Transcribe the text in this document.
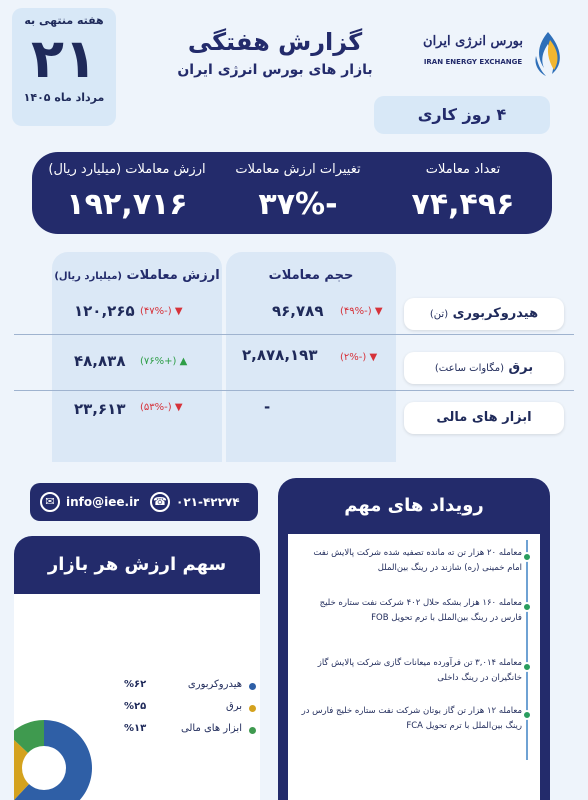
هفته منتهی به
۲۱
مرداد ماه ۱۴۰۵
گزارش هفتگی
بازار های بورس انرژی ایران
بورس انرژی ایران
IRAN ENERGY EXCHANGE
۴ روز کاری
تعداد معاملات
۷۴,۴۹۶
تغییرات ارزش معاملات
-۳۷%
ارزش معاملات (میلیارد ریال)
۱۹۲,۷۱۶
حجم معاملات
ارزش معاملات (میلیارد ریال)
هیدروکربوری (تن)
۹۶,۷۸۹	▼ (-۴۹%)
۱۲۰,۲۶۵	▼ (-۴۷%)
برق (مگاوات ساعت)
۲,۸۷۸,۱۹۳	▼ (-۲%)
۴۸,۸۳۸	▲ (+۷۶%)
ابزار های مالی
-
۲۳,۶۱۳	▼ (-۵۳%)
✉ info@iee.ir ☎ ۰۲۱-۴۲۲۷۴
سهم ارزش هر بازار
هیدروکربوری
%۶۲
برق
%۲۵
ابزار های مالی
%۱۳
رویداد های مهم
معامله ۲۰ هزار تن ته مانده تصفیه شده شرکت پالایش نفت امام خمینی (ره) شازند در رینگ بین‌الملل
معامله ۱۶۰ هزار بشکه حلال ۴۰۲ شرکت نفت ستاره خلیج فارس در رینگ بین‌الملل با ترم تحویل FOB
معامله ۳,۰۱۴ تن فرآورده میعانات گازی شرکت پالایش گاز خانگیران در رینگ داخلی
معامله ۱۲ هزار تن گاز بوتان شرکت نفت ستاره خلیج فارس در رینگ بین‌الملل با ترم تحویل FCA
